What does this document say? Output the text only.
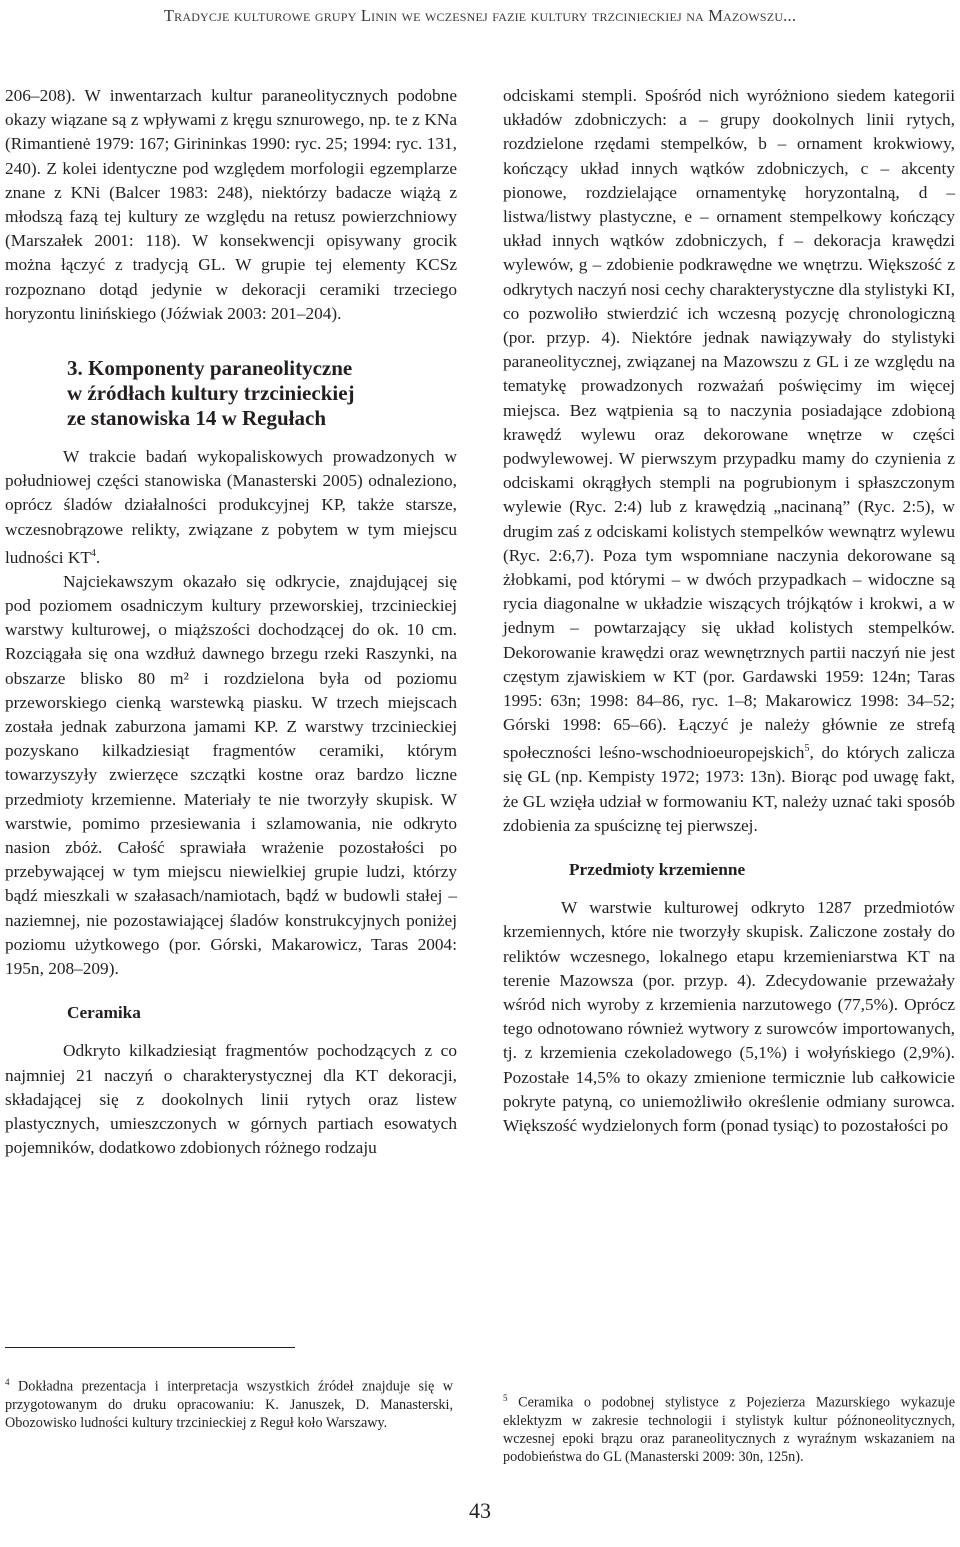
Tradycje kulturowe grupy Linin we wczesnej fazie kultury trzcinieckiej na Mazowszu...

206–208). W inwentarzach kultur paraneolitycznych podobne okazy wiązane są z wpływami z kręgu sznurowego, np. te z KNa (Rimantienė 1979: 167; Girininkas 1990: ryc. 25; 1994: ryc. 131, 240). Z kolei identyczne pod względem morfologii egzemplarze znane z KNi (Balcer 1983: 248), niektórzy badacze wiążą z młodszą fazą tej kultury ze względu na retusz powierzchniowy (Marszałek 2001: 118). W konsekwencji opisywany grocik można łączyć z tradycją GL. W grupie tej elementy KCSz rozpoznano dotąd jedynie w dekoracji ceramiki trzeciego horyzontu linińskiego (Jóźwiak 2003: 201–204).

3. Komponenty paraneolityczne
w źródłach kultury trzcinieckiej
ze stanowiska 14 w Regułach

W trakcie badań wykopaliskowych prowadzonych w południowej części stanowiska (Manasterski 2005) odnaleziono, oprócz śladów działalności produkcyjnej KP, także starsze, wczesnobrązowe relikty, związane z pobytem w tym miejscu ludności $KT^4$.

Najciekawszym okazało się odkrycie, znajdującej się pod poziomem osadniczym kultury przeworskiej, trzcinieckiej warstwy kulturowej, o miąższości dochodzącej do ok. 10 cm. Rozciągała się ona wzdłuż dawnego brzegu rzeki Raszynki, na obszarze blisko 80 m² i rozdzielona była od poziomu przeworskiego cienką warstewką piasku. W trzech miejscach została jednak zaburzona jamami KP. Z warstwy trzcinieckiej pozyskano kilkadziesiąt fragmentów ceramiki, którym towarzyszyły zwierzęce szczątki kostne oraz bardzo liczne przedmioty krzemienne. Materiały te nie tworzyły skupisk. W warstwie, pomimo przesiewania i szlamowania, nie odkryto nasion zbóż. Całość sprawiała wrażenie pozostałości po przebywającej w tym miejscu niewielkiej grupie ludzi, którzy bądź mieszkali w szałasach/namiotach, bądź w budowli stałej – naziemnej, nie pozostawiającej śladów konstrukcyjnych poniżej poziomu użytkowego (por. Górski, Makarowicz, Taras 2004: 195n, 208–209).

Ceramika

Odkryto kilkadziesiąt fragmentów pochodzących z co najmniej 21 naczyń o charakterystycznej dla KT dekoracji, składającej się z dookolnych linii rytych oraz listew plastycznych, umieszczonych w górnych partiach esowatych pojemników, dodatkowo zdobionych różnego rodzaju

odciskami stempli. Spośród nich wyróżniono siedem kategorii układów zdobniczych: a – grupy dookolnych linii rytych, rozdzielone rzędami stempelków, b – ornament krokwiowy, kończący układ innych wątków zdobniczych, c – akcenty pionowe, rozdzielające ornamentykę horyzontalną, d – listwa/listwy plastyczne, e – ornament stempelkowy kończący układ innych wątków zdobniczych, f – dekoracja krawędzi wylewów, g – zdobienie podkrawędne we wnętrzu. Większość z odkrytych naczyń nosi cechy charakterystyczne dla stylistyki KI, co pozwoliło stwierdzić ich wczesną pozycję chronologiczną (por. przyp. 4). Niektóre jednak nawiązywały do stylistyki paraneolitycznej, związanej na Mazowszu z GL i ze względu na tematykę prowadzonych rozważań poświęcimy im więcej miejsca. Bez wątpienia są to naczynia posiadające zdobioną krawędź wylewu oraz dekorowane wnętrze w części podwylewowej. W pierwszym przypadku mamy do czynienia z odciskami okrągłych stempli na pogrubionym i spłaszczonym wylewie (Ryc. 2:4) lub z krawędzią „nacinaną” (Ryc. 2:5), w drugim zaś z odciskami kolistych stempelków wewnątrz wylewu (Ryc. 2:6,7). Poza tym wspomniane naczynia dekorowane są żłobkami, pod którymi – w dwóch przypadkach – widoczne są rycia diagonalne w układzie wiszących trójkątów i krokwi, a w jednym – powtarzający się układ kolistych stempelków. Dekorowanie krawędzi oraz wewnętrznych partii naczyń nie jest częstym zjawiskiem w KT (por. Gardawski 1959: 124n; Taras 1995: 63n; 1998: 84–86, ryc. 1–8; Makarowicz 1998: 34–52; Górski 1998: 65–66). Łączyć je należy głównie ze strefą społeczności leśno-wschodnioeuropejskich$^5$, do których zalicza się GL (np. Kempisty 1972; 1973: 13n). Biorąc pod uwagę fakt, że GL wzięła udział w formowaniu KT, należy uznać taki sposób zdobienia za spuściznę tej pierwszej.

Przedmioty krzemienne

W warstwie kulturowej odkryto 1287 przedmiotów krzemiennych, które nie tworzyły skupisk. Zaliczone zostały do reliktów wczesnego, lokalnego etapu krzemieniarstwa KT na terenie Mazowsza (por. przyp. 4). Zdecydowanie przeważały wśród nich wyroby z krzemienia narzutowego (77,5%). Oprócz tego odnotowano również wytwory z surowców importowanych, tj. z krzemienia czekoladowego (5,1%) i wołyńskiego (2,9%). Pozostałe 14,5% to okazy zmienione termicznie lub całkowicie pokryte patyną, co uniemożliwiło określenie odmiany surowca. Większość wydzielonych form (ponad tysiąc) to pozostałości po

$^4$ Dokładna prezentacja i interpretacja wszystkich źródeł znajduje się w przygotowanym do druku opracowaniu: K. Januszek, D. Manasterski, Obozowisko ludności kultury trzcinieckiej z Reguł koło Warszawy.
$^5$ Ceramika o podobnej stylistyce z Pojezierza Mazurskiego wykazuje eklektyzm w zakresie technologii i stylistyk kultur późnoneolitycznych, wczesnej epoki brązu oraz paraneolitycznych z wyraźnym wskazaniem na podobieństwa do GL (Manasterski 2009: 30n, 125n).
43
